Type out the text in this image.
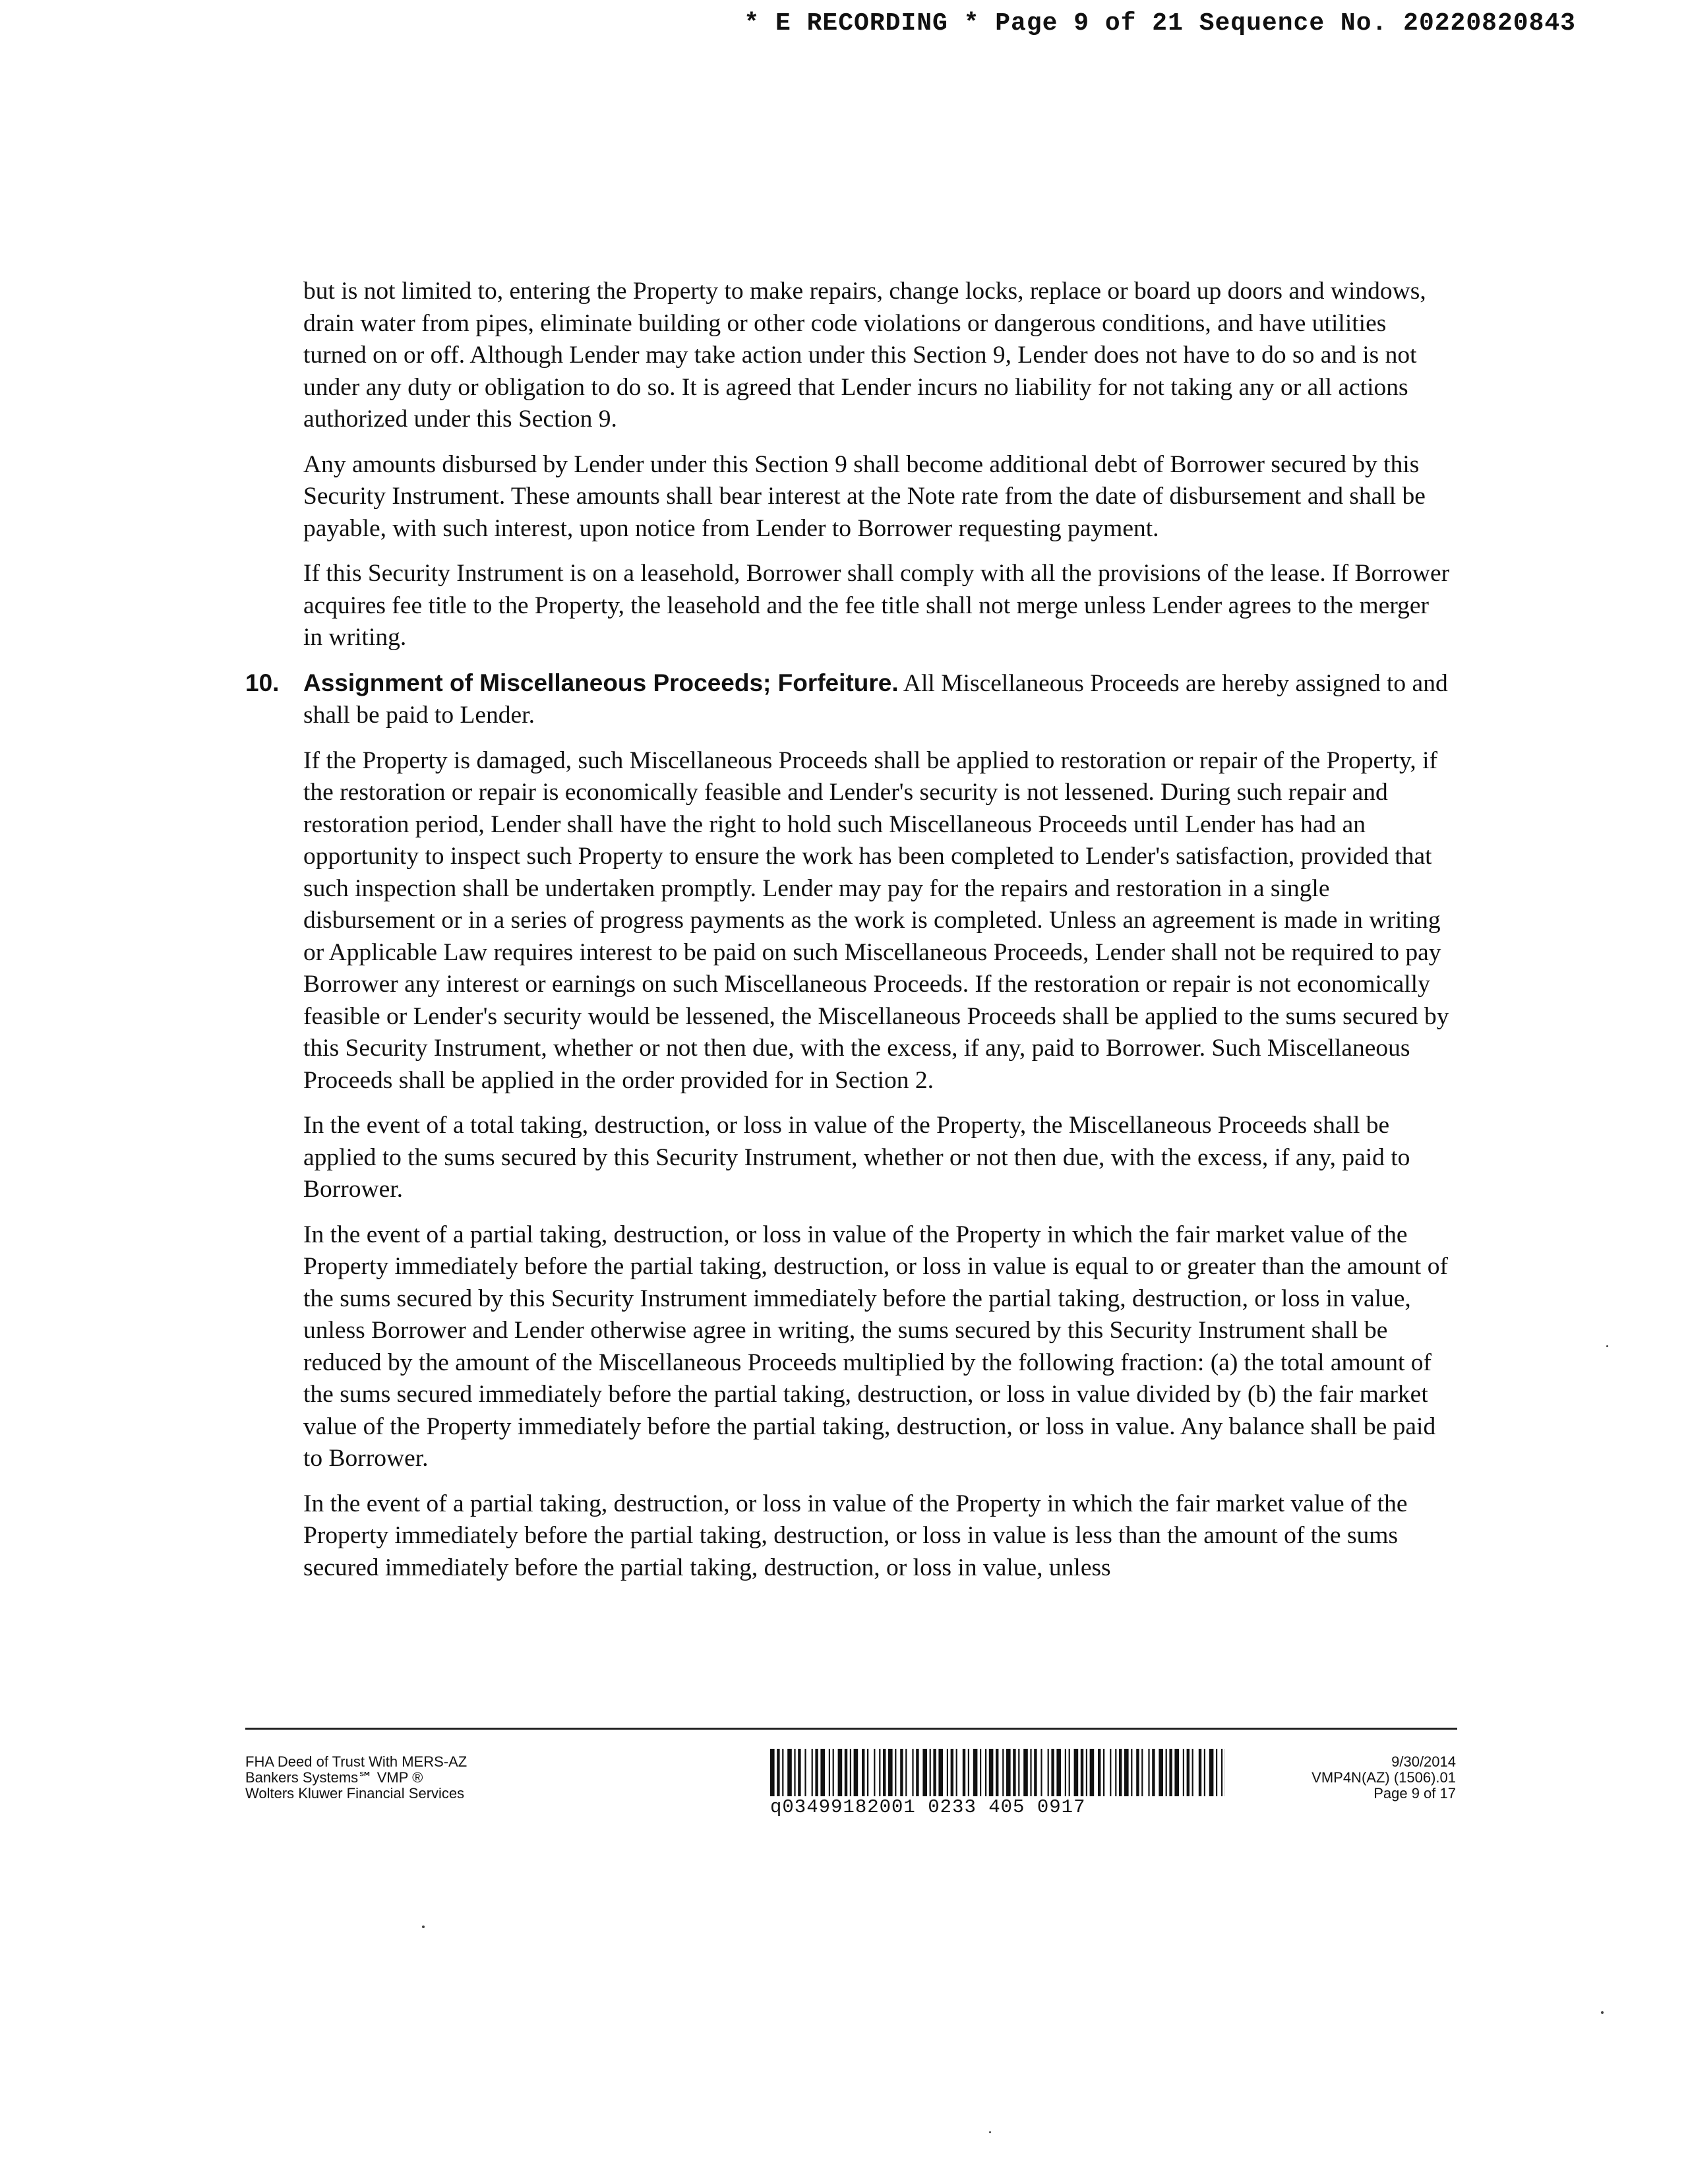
* E RECORDING * Page 9 of 21 Sequence No. 20220820843

but is not limited to, entering the Property to make repairs, change locks, replace or board up doors and windows, drain water from pipes, eliminate building or other code violations or dangerous conditions, and have utilities turned on or off. Although Lender may take action under this Section 9, Lender does not have to do so and is not under any duty or obligation to do so. It is agreed that Lender incurs no liability for not taking any or all actions authorized under this Section 9.

Any amounts disbursed by Lender under this Section 9 shall become additional debt of Borrower secured by this Security Instrument. These amounts shall bear interest at the Note rate from the date of disbursement and shall be payable, with such interest, upon notice from Lender to Borrower requesting payment.

If this Security Instrument is on a leasehold, Borrower shall comply with all the provisions of the lease. If Borrower acquires fee title to the Property, the leasehold and the fee title shall not merge unless Lender agrees to the merger in writing.

10. Assignment of Miscellaneous Proceeds; Forfeiture. All Miscellaneous Proceeds are hereby assigned to and shall be paid to Lender.

If the Property is damaged, such Miscellaneous Proceeds shall be applied to restoration or repair of the Property, if the restoration or repair is economically feasible and Lender's security is not lessened. During such repair and restoration period, Lender shall have the right to hold such Miscellaneous Proceeds until Lender has had an opportunity to inspect such Property to ensure the work has been completed to Lender's satisfaction, provided that such inspection shall be undertaken promptly. Lender may pay for the repairs and restoration in a single disbursement or in a series of progress payments as the work is completed. Unless an agreement is made in writing or Applicable Law requires interest to be paid on such Miscellaneous Proceeds, Lender shall not be required to pay Borrower any interest or earnings on such Miscellaneous Proceeds. If the restoration or repair is not economically feasible or Lender's security would be lessened, the Miscellaneous Proceeds shall be applied to the sums secured by this Security Instrument, whether or not then due, with the excess, if any, paid to Borrower. Such Miscellaneous Proceeds shall be applied in the order provided for in Section 2.

In the event of a total taking, destruction, or loss in value of the Property, the Miscellaneous Proceeds shall be applied to the sums secured by this Security Instrument, whether or not then due, with the excess, if any, paid to Borrower.

In the event of a partial taking, destruction, or loss in value of the Property in which the fair market value of the Property immediately before the partial taking, destruction, or loss in value is equal to or greater than the amount of the sums secured by this Security Instrument immediately before the partial taking, destruction, or loss in value, unless Borrower and Lender otherwise agree in writing, the sums secured by this Security Instrument shall be reduced by the amount of the Miscellaneous Proceeds multiplied by the following fraction: (a) the total amount of the sums secured immediately before the partial taking, destruction, or loss in value divided by (b) the fair market value of the Property immediately before the partial taking, destruction, or loss in value. Any balance shall be paid to Borrower.

In the event of a partial taking, destruction, or loss in value of the Property in which the fair market value of the Property immediately before the partial taking, destruction, or loss in value is less than the amount of the sums secured immediately before the partial taking, destruction, or loss in value, unless

FHA Deed of Trust With MERS-AZ
Bankers Systems℠ VMP ®
Wolters Kluwer Financial Services
q03499182001 0233 405 0917
9/30/2014
VMP4N(AZ) (1506).01
Page 9 of 17
